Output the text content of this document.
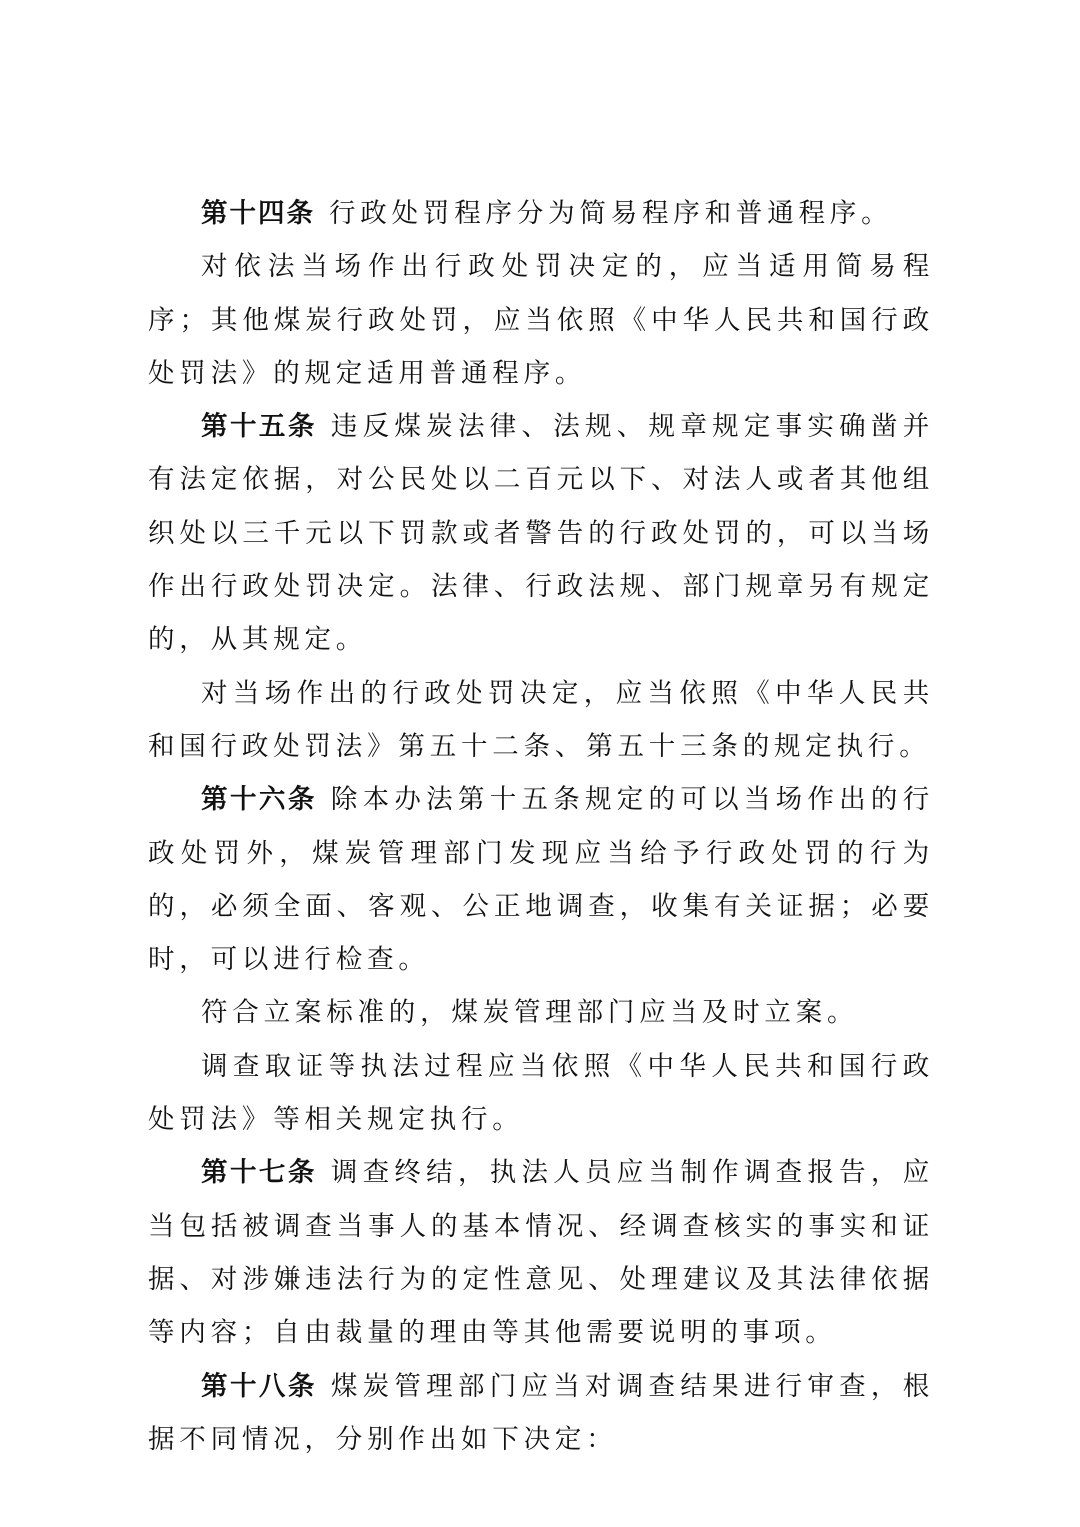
第十四条 行政处罚程序分为简易程序和普通程序。

对依法当场作出行政处罚决定的，应当适用简易程序；其他煤炭行政处罚，应当依照《中华人民共和国行政处罚法》的规定适用普通程序。

第十五条 违反煤炭法律、法规、规章规定事实确凿并有法定依据，对公民处以二百元以下、对法人或者其他组织处以三千元以下罚款或者警告的行政处罚的，可以当场作出行政处罚决定。法律、行政法规、部门规章另有规定的，从其规定。

对当场作出的行政处罚决定，应当依照《中华人民共和国行政处罚法》第五十二条、第五十三条的规定执行。

第十六条 除本办法第十五条规定的可以当场作出的行政处罚外，煤炭管理部门发现应当给予行政处罚的行为的，必须全面、客观、公正地调查，收集有关证据；必要时，可以进行检查。

符合立案标准的，煤炭管理部门应当及时立案。

调查取证等执法过程应当依照《中华人民共和国行政处罚法》等相关规定执行。

第十七条 调查终结，执法人员应当制作调查报告，应当包括被调查当事人的基本情况、经调查核实的事实和证据、对涉嫌违法行为的定性意见、处理建议及其法律依据等内容；自由裁量的理由等其他需要说明的事项。

第十八条 煤炭管理部门应当对调查结果进行审查，根据不同情况，分别作出如下决定：
